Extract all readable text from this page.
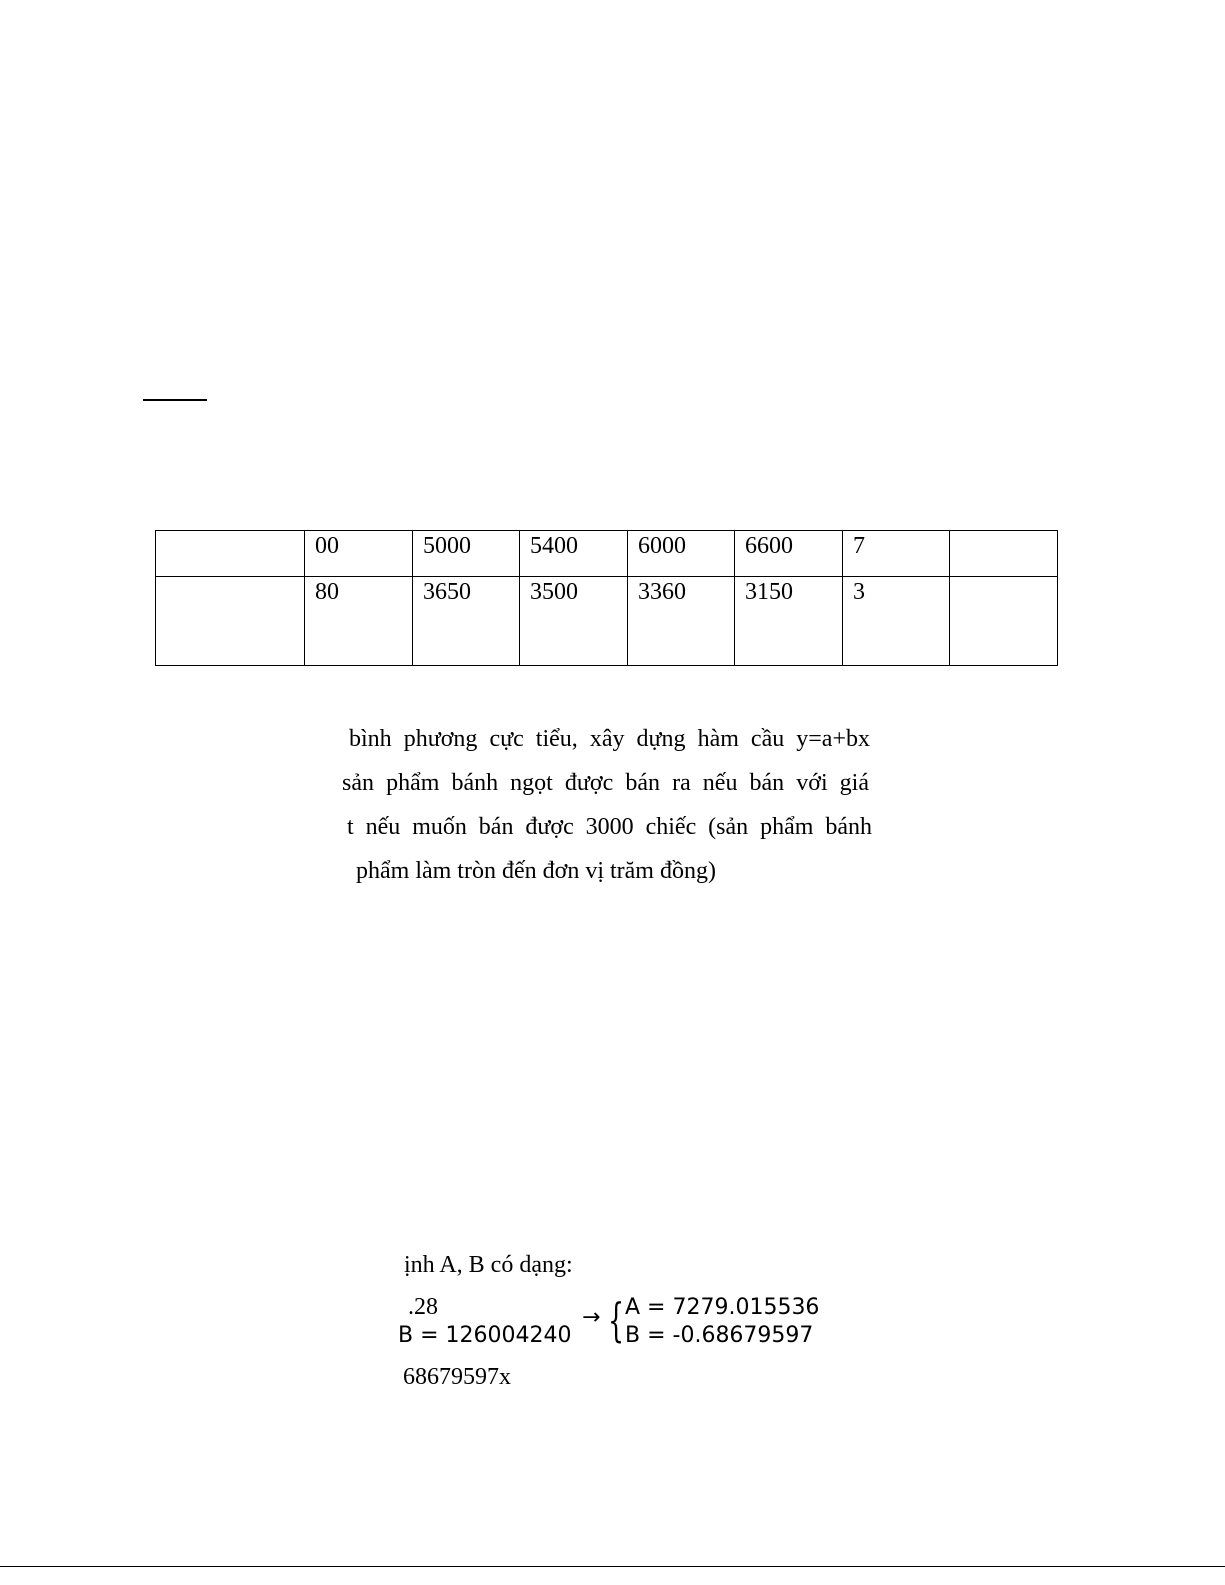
	00	5000	5400	6000	6600	7	
	80	3650	3500	3360	3150	3	
bình phương cực tiểu, xây dựng hàm cầu y=a+bx
sản phẩm bánh ngọt được bán ra nếu bán với giá
t nếu muốn bán được 3000 chiếc (sản phẩm bánh
phẩm làm tròn đến đơn vị trăm đồng)
ịnh A, B có dạng:
.28
B = 126004240
→ { A = 7279.015536
B = -0.68679597
68679597x
